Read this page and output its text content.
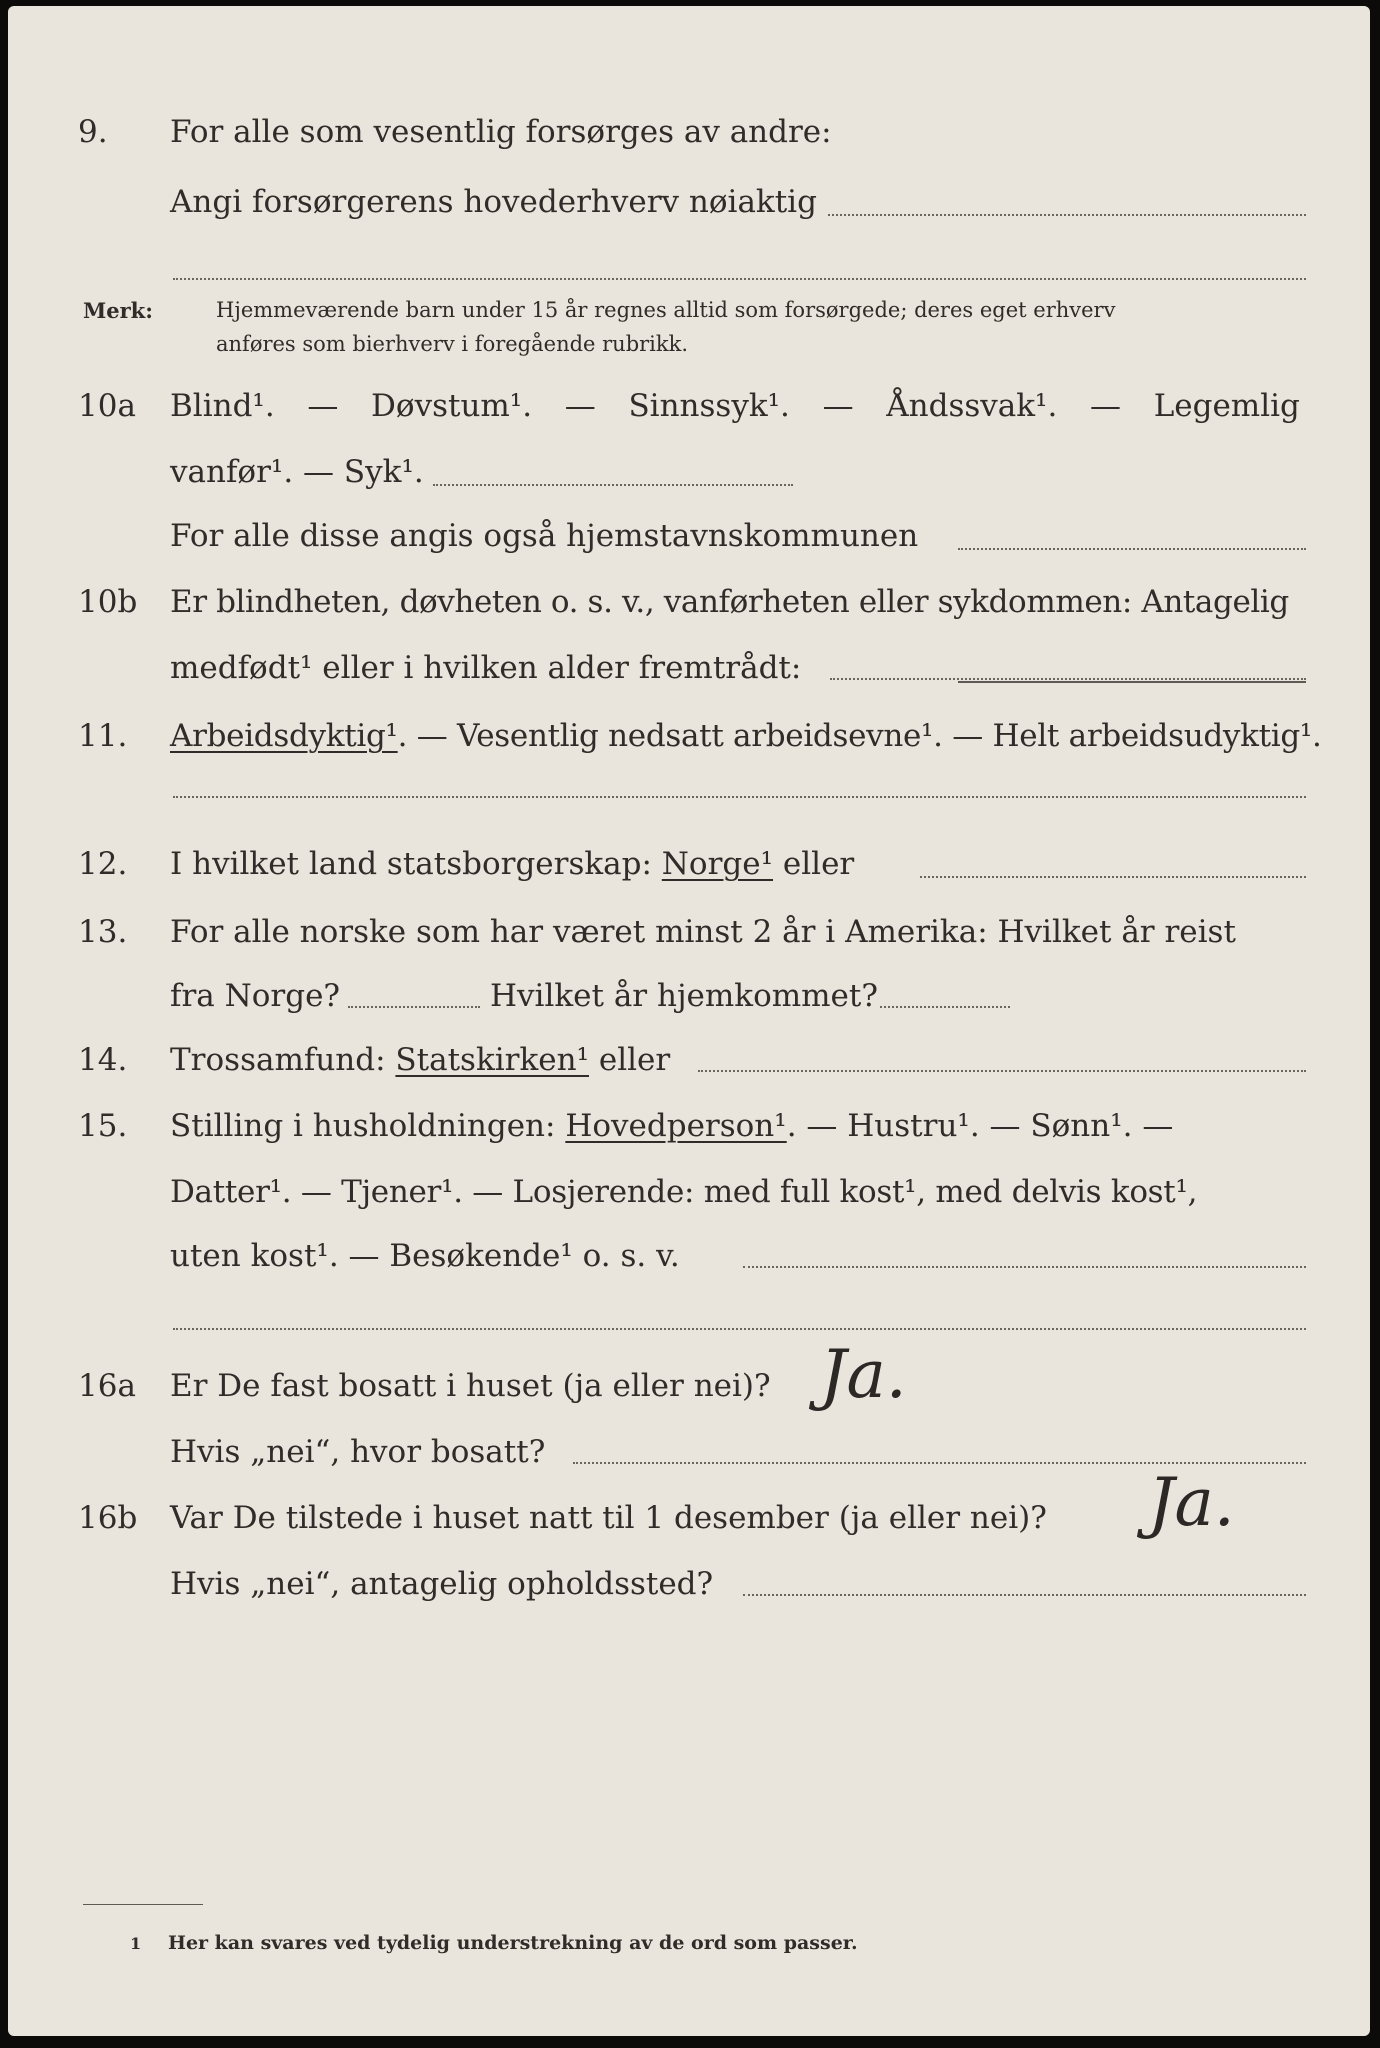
9. For alle som vesentlig forsørges av andre:
Angi forsørgerens hovederhverv nøiaktig
Merk:	Hjemmeværende barn under 15 år regnes alltid som forsørgede; deres eget erhverv
anføres som bierhverv i foregående rubrikk.
10a Blind¹. — Døvstum¹. — Sinnssyk¹. — Åndssvak¹. — Legemlig
vanfør¹. — Syk¹.
For alle disse angis også hjemstavnskommunen
10b Er blindheten, døvheten o. s. v., vanførheten eller sykdommen: Antagelig
medfødt¹ eller i hvilken alder fremtrådt:
11. Arbeidsdyktig¹. — Vesentlig nedsatt arbeidsevne¹. — Helt arbeidsudyktig¹.
12. I hvilket land statsborgerskap: Norge¹ eller
13. For alle norske som har været minst 2 år i Amerika: Hvilket år reist
fra Norge?	Hvilket år hjemkommet?
14. Trossamfund: Statskirken¹ eller
15. Stilling i husholdningen: Hovedperson¹. — Hustru¹. — Sønn¹. —
Datter¹. — Tjener¹. — Losjerende: med full kost¹, med delvis kost¹,
uten kost¹. — Besøkende¹ o. s. v.
16a Er De fast bosatt i huset (ja eller nei)? Ja.
Hvis „nei“, hvor bosatt?
16b Var De tilstede i huset natt til 1 desember (ja eller nei)? Ja.
Hvis „nei“, antagelig opholdssted?
1 Her kan svares ved tydelig understrekning av de ord som passer.
